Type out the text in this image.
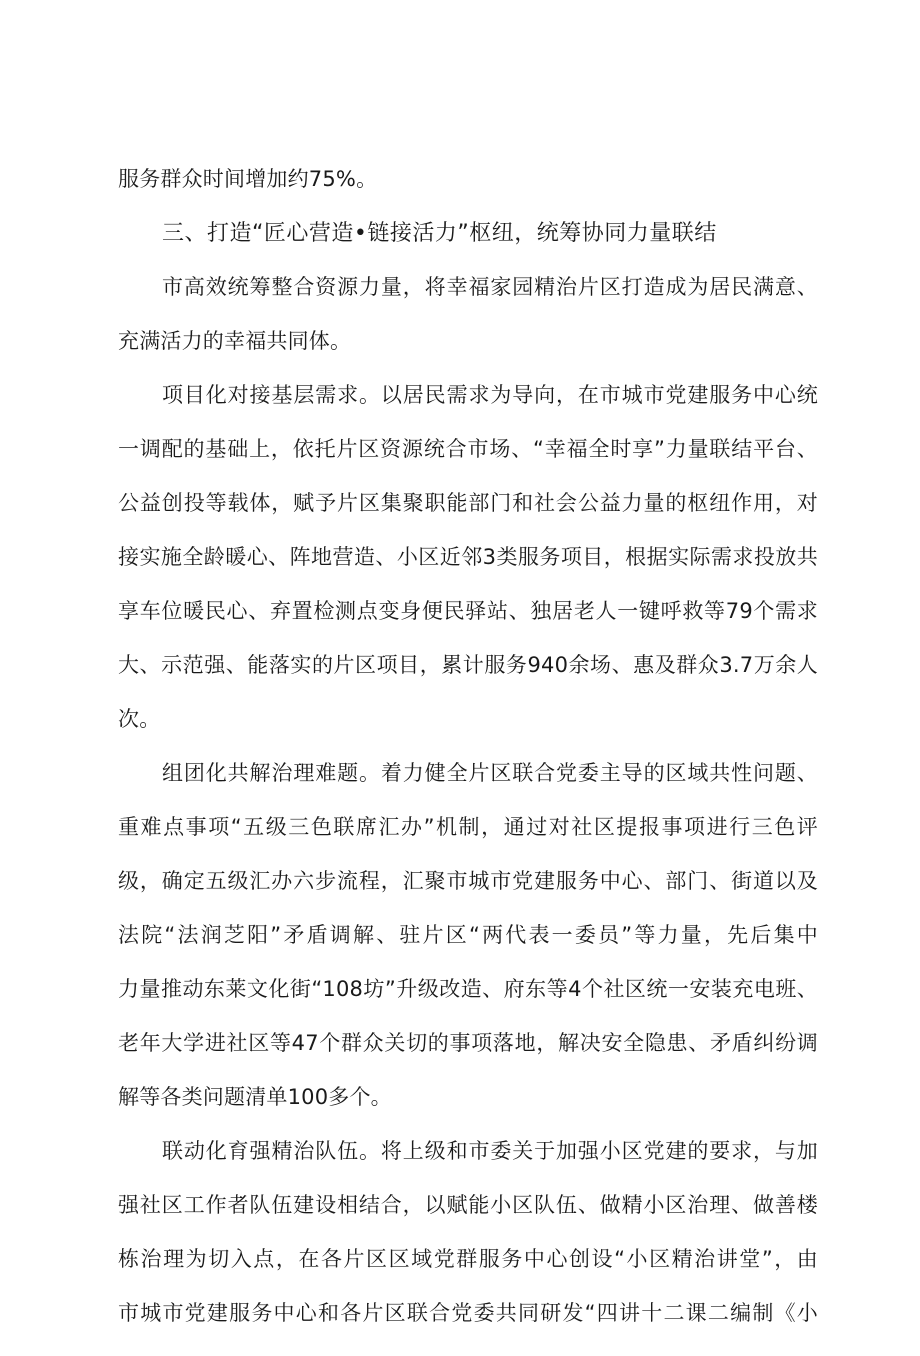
服务群众时间增加约75%。
三、打造“匠心营造•链接活力”枢纽，统筹协同力量联结
市高效统筹整合资源力量，将幸福家园精治片区打造成为居民满意、
充满活力的幸福共同体。
项目化对接基层需求。以居民需求为导向，在市城市党建服务中心统
一调配的基础上，依托片区资源统合市场、“幸福全时享”力量联结平台、
公益创投等载体，赋予片区集聚职能部门和社会公益力量的枢纽作用，对
接实施全龄暖心、阵地营造、小区近邻3类服务项目，根据实际需求投放共
享车位暖民心、弃置检测点变身便民驿站、独居老人一键呼救等79个需求
大、示范强、能落实的片区项目，累计服务940余场、惠及群众3.7万余人
次。
组团化共解治理难题。着力健全片区联合党委主导的区域共性问题、
重难点事项“五级三色联席汇办”机制，通过对社区提报事项进行三色评
级，确定五级汇办六步流程，汇聚市城市党建服务中心、部门、街道以及
法院“法润芝阳”矛盾调解、驻片区“两代表一委员”等力量，先后集中
力量推动东莱文化街“108坊”升级改造、府东等4个社区统一安装充电班、
老年大学进社区等47个群众关切的事项落地，解决安全隐患、矛盾纠纷调
解等各类问题清单100多个。
联动化育强精治队伍。将上级和市委关于加强小区党建的要求，与加
强社区工作者队伍建设相结合，以赋能小区队伍、做精小区治理、做善楼
栋治理为切入点，在各片区区域党群服务中心创设“小区精治讲堂”，由
市城市党建服务中心和各片区联合党委共同研发“四讲十二课二编制《小
